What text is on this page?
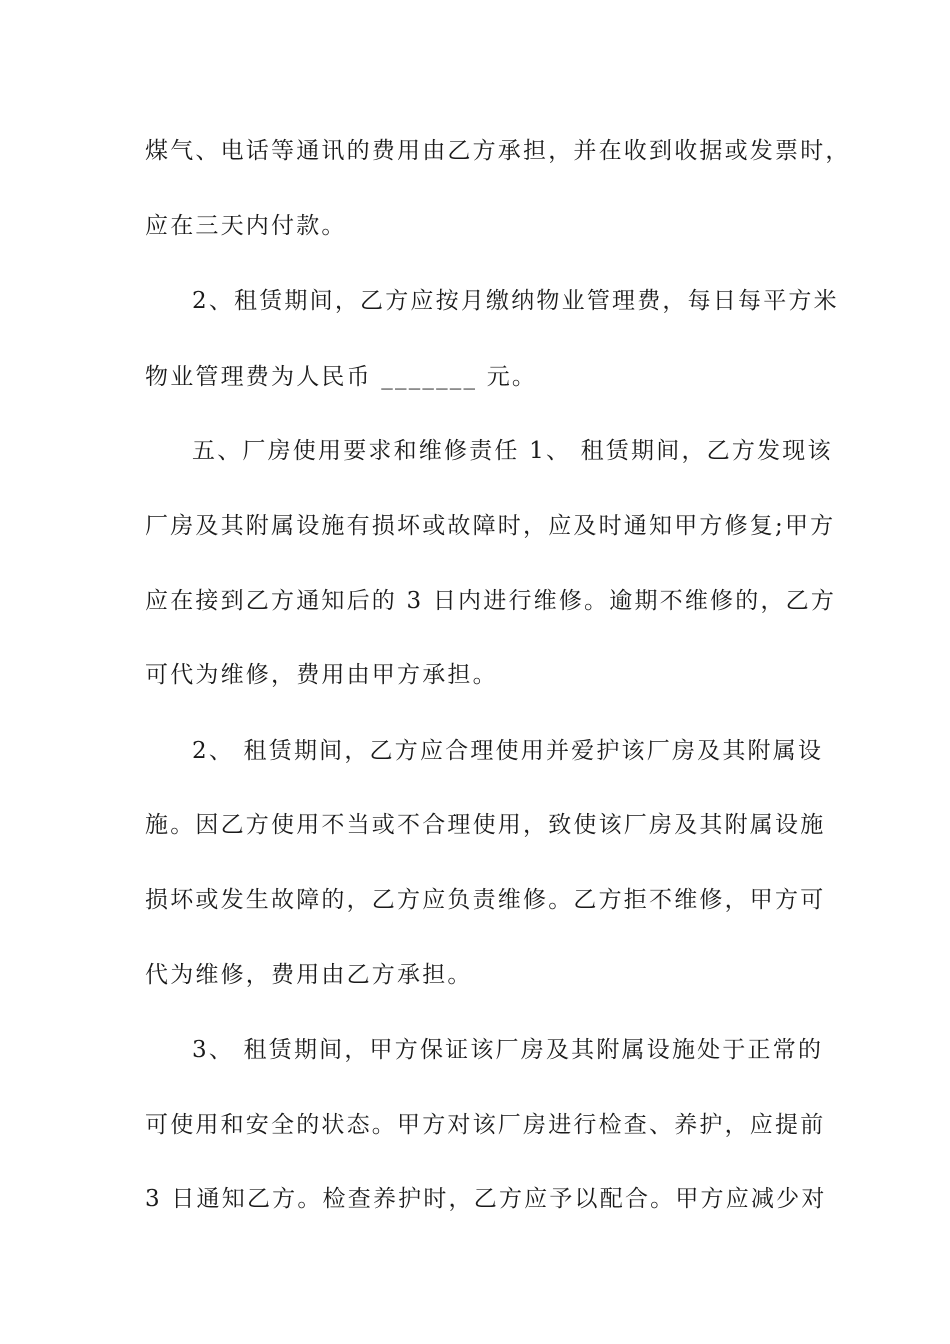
煤气、电话等通讯的费用由乙方承担，并在收到收据或发票时，
应在三天内付款。
2、租赁期间，乙方应按月缴纳物业管理费，每日每平方米
物业管理费为人民币 _______ 元。
五、厂房使用要求和维修责任 1、 租赁期间，乙方发现该
厂房及其附属设施有损坏或故障时，应及时通知甲方修复;甲方
应在接到乙方通知后的 3 日内进行维修。逾期不维修的，乙方
可代为维修，费用由甲方承担。
2、 租赁期间，乙方应合理使用并爱护该厂房及其附属设
施。因乙方使用不当或不合理使用，致使该厂房及其附属设施
损坏或发生故障的，乙方应负责维修。乙方拒不维修，甲方可
代为维修，费用由乙方承担。
3、 租赁期间，甲方保证该厂房及其附属设施处于正常的
可使用和安全的状态。甲方对该厂房进行检查、养护，应提前
3 日通知乙方。检查养护时，乙方应予以配合。甲方应减少对
